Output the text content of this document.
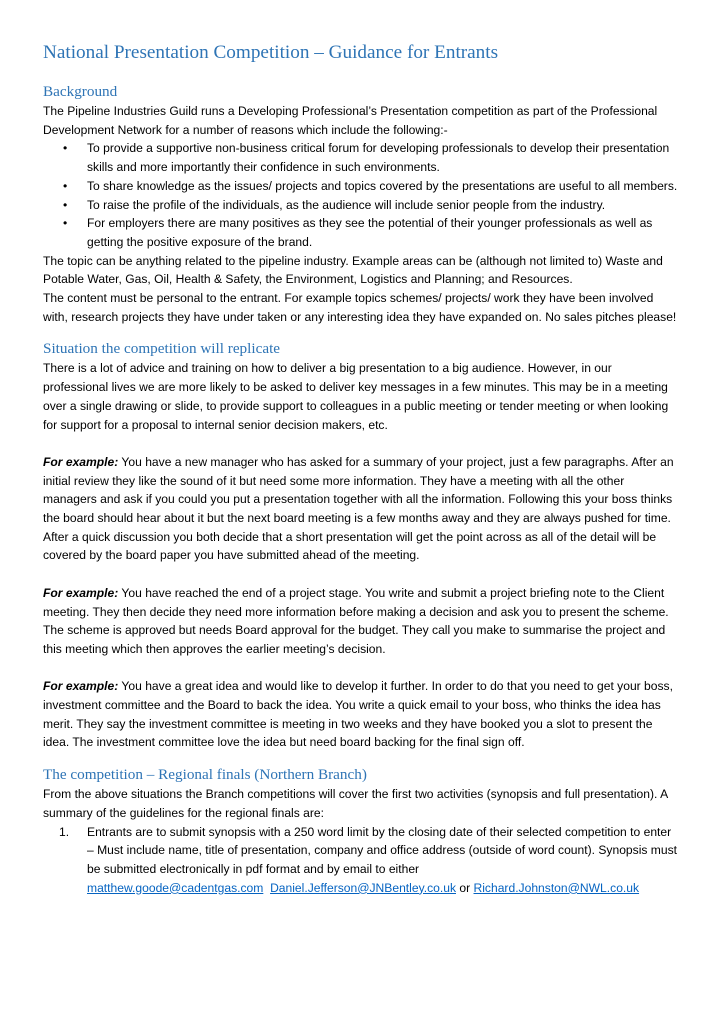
National Presentation Competition – Guidance for Entrants
Background

The Pipeline Industries Guild runs a Developing Professional’s Presentation competition as part of the Professional Development Network for a number of reasons which include the following:-

• To provide a supportive non-business critical forum for developing professionals to develop their presentation skills and more importantly their confidence in such environments.
• To share knowledge as the issues/ projects and topics covered by the presentations are useful to all members.
• To raise the profile of the individuals, as the audience will include senior people from the industry.
• For employers there are many positives as they see the potential of their younger professionals as well as getting the positive exposure of the brand.

The topic can be anything related to the pipeline industry. Example areas can be (although not limited to) Waste and Potable Water, Gas, Oil, Health & Safety, the Environment, Logistics and Planning; and Resources.

The content must be personal to the entrant. For example topics schemes/ projects/ work they have been involved with, research projects they have under taken or any interesting idea they have expanded on. No sales pitches please!

Situation the competition will replicate

There is a lot of advice and training on how to deliver a big presentation to a big audience. However, in our professional lives we are more likely to be asked to deliver key messages in a few minutes. This may be in a meeting over a single drawing or slide, to provide support to colleagues in a public meeting or tender meeting or when looking for support for a proposal to internal senior decision makers, etc.

For example: You have a new manager who has asked for a summary of your project, just a few paragraphs. After an initial review they like the sound of it but need some more information. They have a meeting with all the other managers and ask if you could you put a presentation together with all the information. Following this your boss thinks the board should hear about it but the next board meeting is a few months away and they are always pushed for time. After a quick discussion you both decide that a short presentation will get the point across as all of the detail will be covered by the board paper you have submitted ahead of the meeting.

For example: You have reached the end of a project stage. You write and submit a project briefing note to the Client meeting. They then decide they need more information before making a decision and ask you to present the scheme. The scheme is approved but needs Board approval for the budget. They call you make to summarise the project and this meeting which then approves the earlier meeting’s decision.

For example: You have a great idea and would like to develop it further. In order to do that you need to get your boss, investment committee and the Board to back the idea. You write a quick email to your boss, who thinks the idea has merit. They say the investment committee is meeting in two weeks and they have booked you a slot to present the idea. The investment committee love the idea but need board backing for the final sign off.

The competition – Regional finals (Northern Branch)

From the above situations the Branch competitions will cover the first two activities (synopsis and full presentation). A summary of the guidelines for the regional finals are:

1. Entrants are to submit synopsis with a 250 word limit by the closing date of their selected competition to enter – Must include name, title of presentation, company and office address (outside of word count). Synopsis must be submitted electronically in pdf format and by email to either
matthew.goode@cadentgas.com Daniel.Jefferson@JNBentley.co.uk or Richard.Johnston@NWL.co.uk
